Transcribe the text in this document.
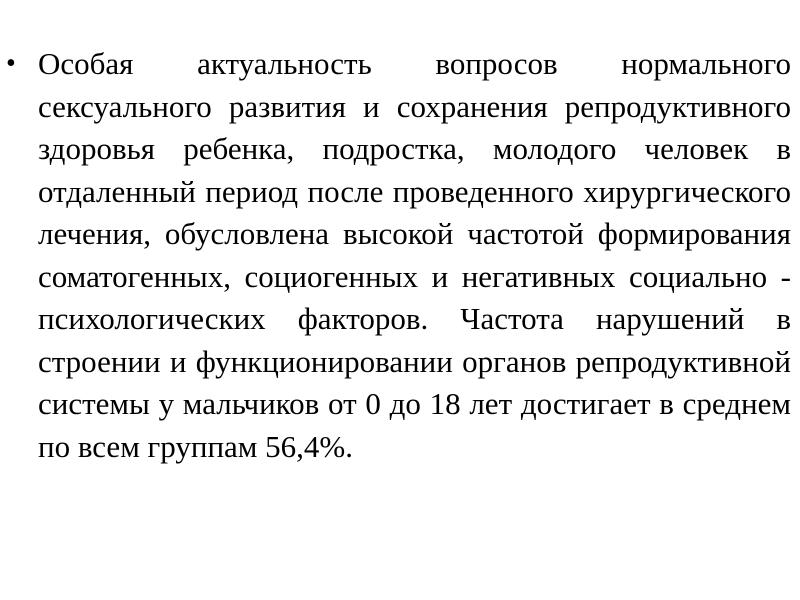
• Особая актуальность вопросов нормального сексуального развития и сохранения репродуктивного здоровья ребенка, подростка, молодого человек в отдаленный период после проведенного хирургического лечения, обусловлена высокой частотой формирования соматогенных, социогенных и негативных социально - психологических факторов. Частота нарушений в строении и функционировании органов репродуктивной системы у мальчиков от 0 до 18 лет достигает в среднем по всем группам 56,4%.
